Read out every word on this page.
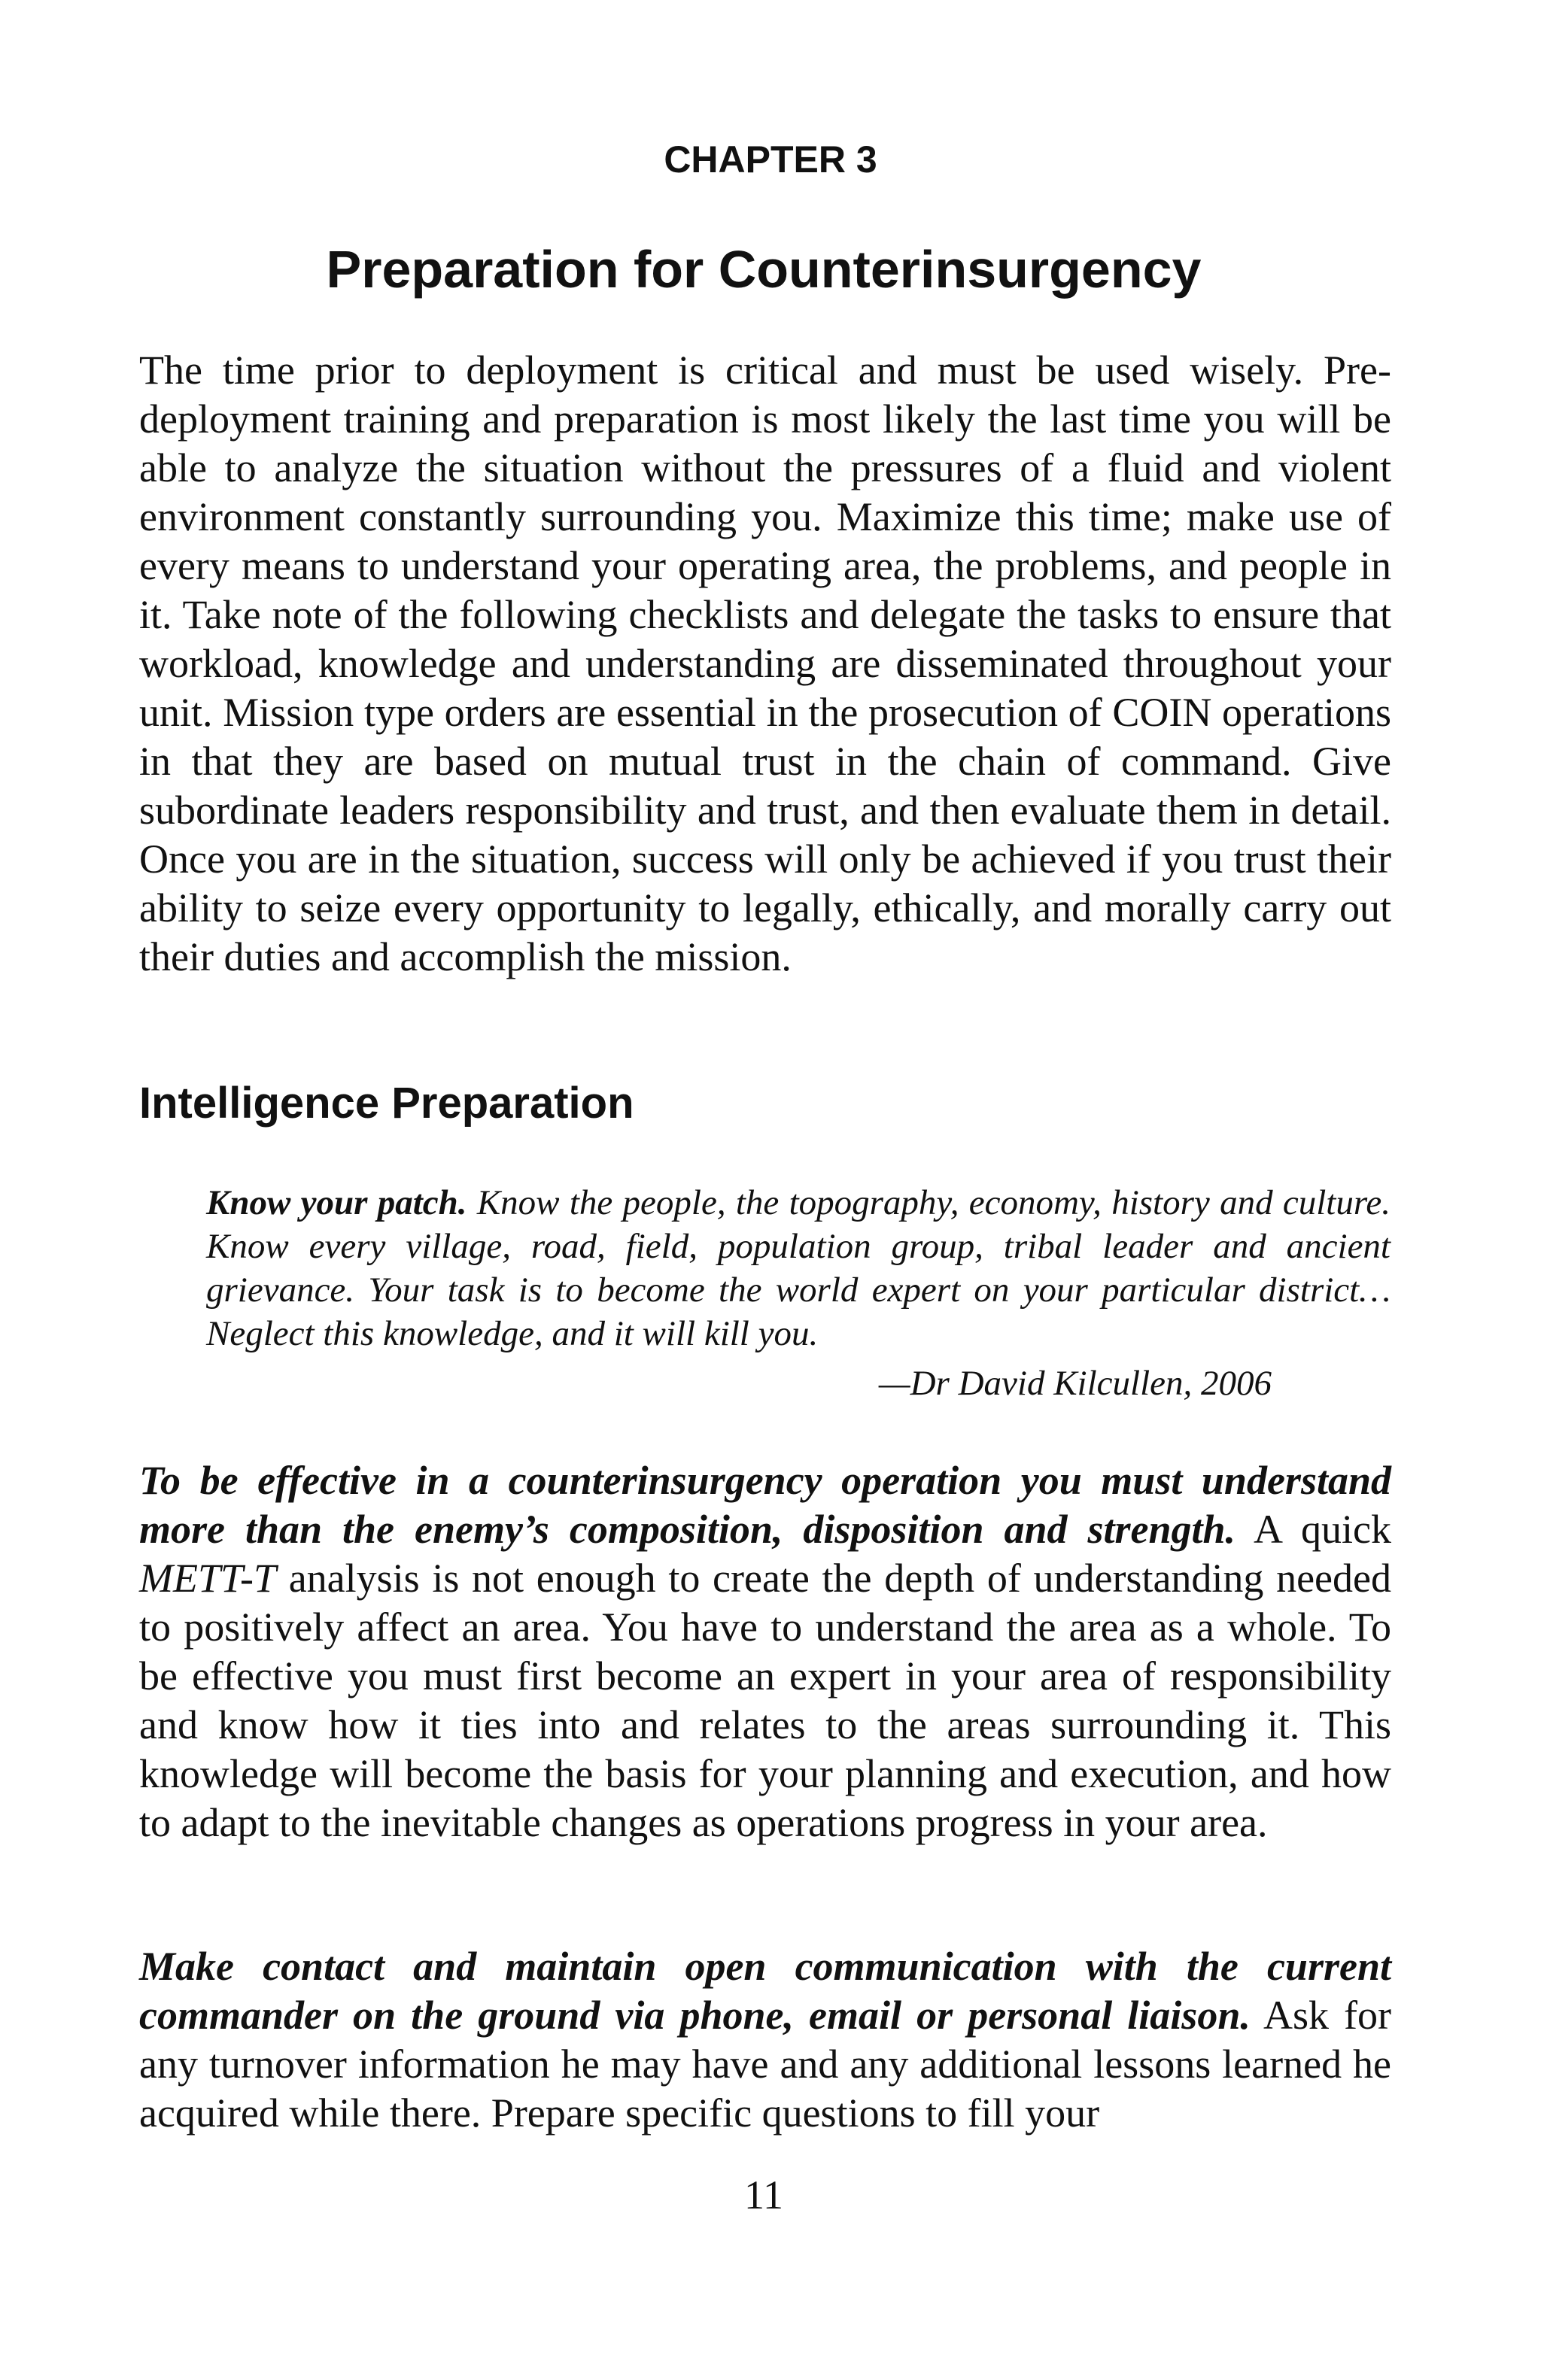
CHAPTER 3
Preparation for Counterinsurgency

The time prior to deployment is critical and must be used wisely. Pre-deployment training and preparation is most likely the last time you will be able to analyze the situation without the pressures of a fluid and violent environment constantly surrounding you. Maximize this time; make use of every means to understand your operating area, the problems, and people in it. Take note of the following checklists and delegate the tasks to ensure that workload, knowledge and understanding are disseminated throughout your unit. Mission type orders are essential in the prosecution of COIN operations in that they are based on mutual trust in the chain of command. Give subordinate leaders responsibility and trust, and then evaluate them in detail. Once you are in the situation, success will only be achieved if you trust their ability to seize every opportunity to legally, ethically, and morally carry out their duties and accomplish the mission.

Intelligence Preparation

Know your patch. Know the people, the topography, economy, history and culture. Know every village, road, field, population group, tribal leader and ancient grievance. Your task is to become the world expert on your particular district… Neglect this knowledge, and it will kill you.

—Dr David Kilcullen, 2006

To be effective in a counterinsurgency operation you must understand more than the enemy’s composition, disposition and strength. A quick METT-T analysis is not enough to create the depth of understanding needed to positively affect an area. You have to understand the area as a whole. To be effective you must first become an expert in your area of responsibility and know how it ties into and relates to the areas surrounding it. This knowledge will become the basis for your planning and execution, and how to adapt to the inevitable changes as operations progress in your area.

Make contact and maintain open communication with the current commander on the ground via phone, email or personal liaison. Ask for any turnover information he may have and any additional lessons learned he acquired while there. Prepare specific questions to fill your

11
